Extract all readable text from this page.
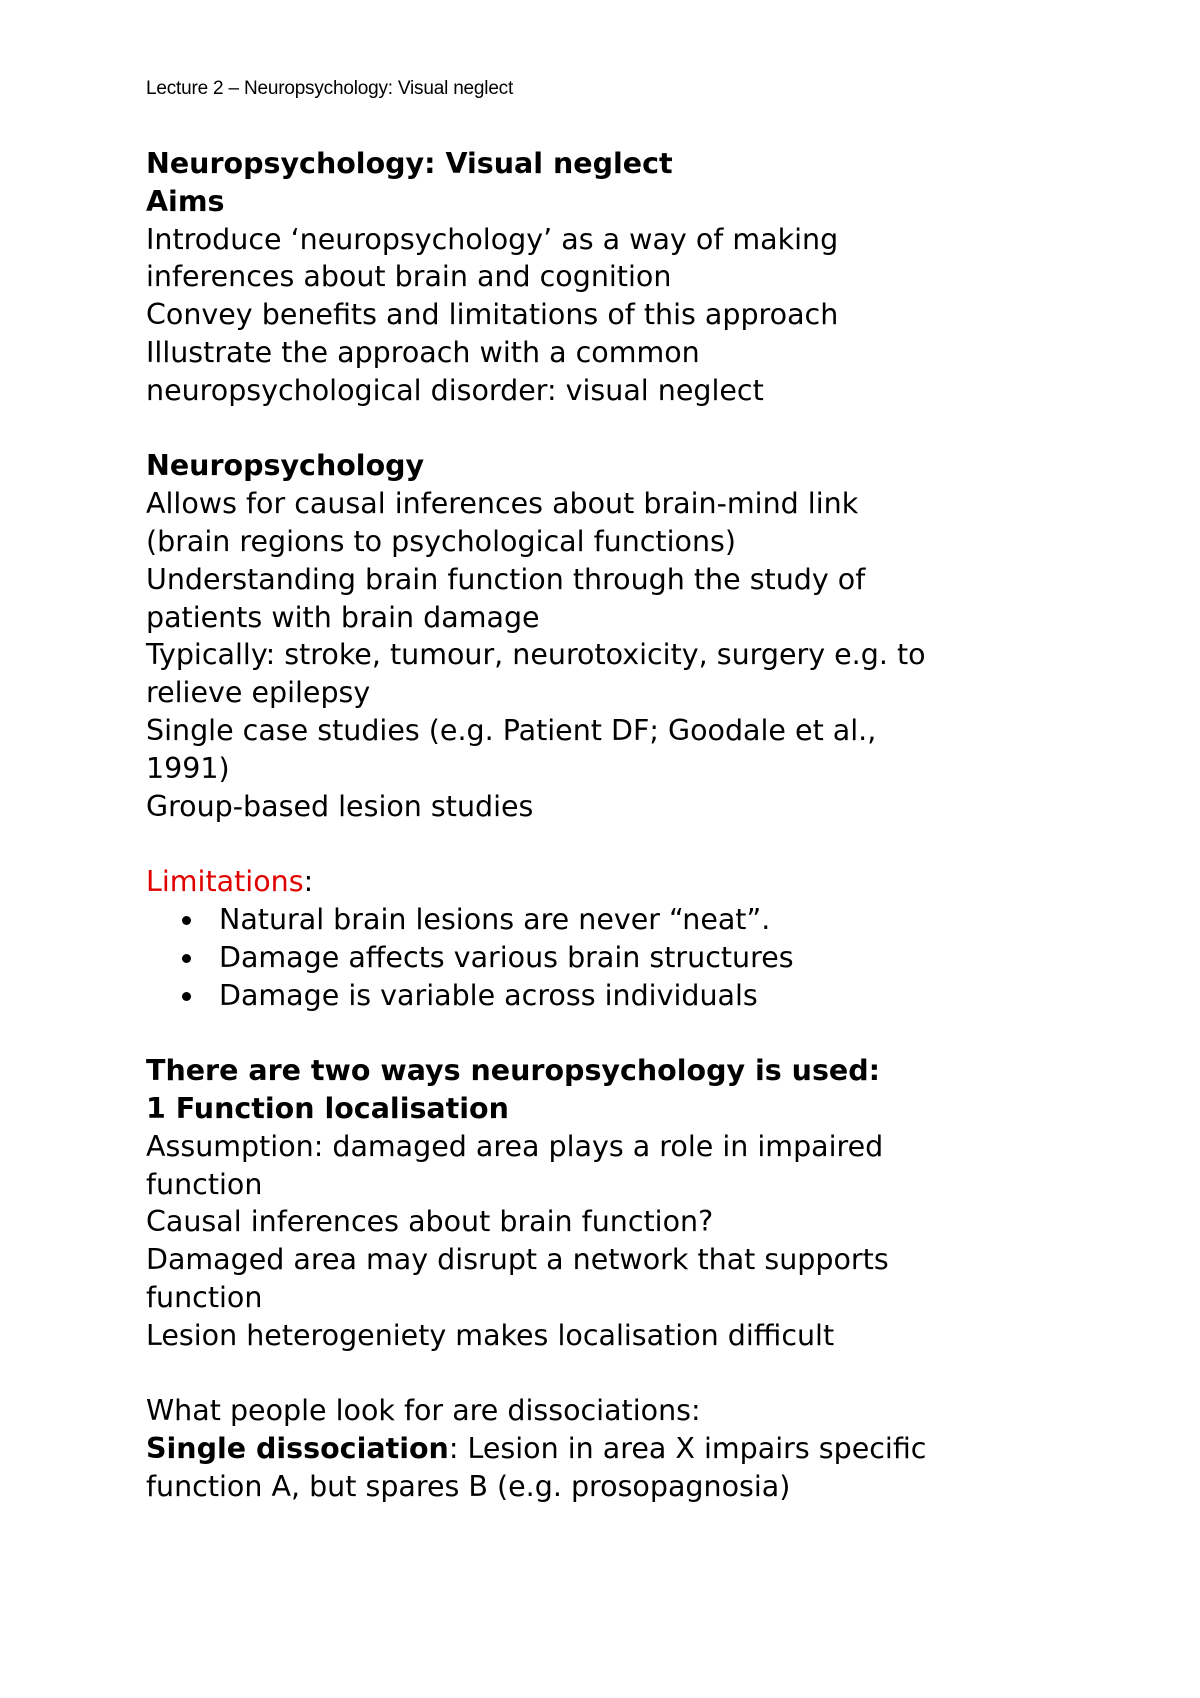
Lecture 2 – Neuropsychology: Visual neglect
Neuropsychology: Visual neglect
Aims
Introduce ‘neuropsychology’ as a way of making
inferences about brain and cognition
Convey benefits and limitations of this approach
Illustrate the approach with a common
neuropsychological disorder: visual neglect
Neuropsychology
Allows for causal inferences about brain-mind link
(brain regions to psychological functions)
Understanding brain function through the study of
patients with brain damage
Typically: stroke, tumour, neurotoxicity, surgery e.g. to
relieve epilepsy
Single case studies (e.g. Patient DF; Goodale et al.,
1991)
Group-based lesion studies
Limitations:
Natural brain lesions are never “neat”.
Damage affects various brain structures
Damage is variable across individuals
There are two ways neuropsychology is used:
1 Function localisation
Assumption: damaged area plays a role in impaired
function
Causal inferences about brain function?
Damaged area may disrupt a network that supports
function
Lesion heterogeniety makes localisation difficult
What people look for are dissociations:
Single dissociation: Lesion in area X impairs specific
function A, but spares B (e.g. prosopagnosia)
